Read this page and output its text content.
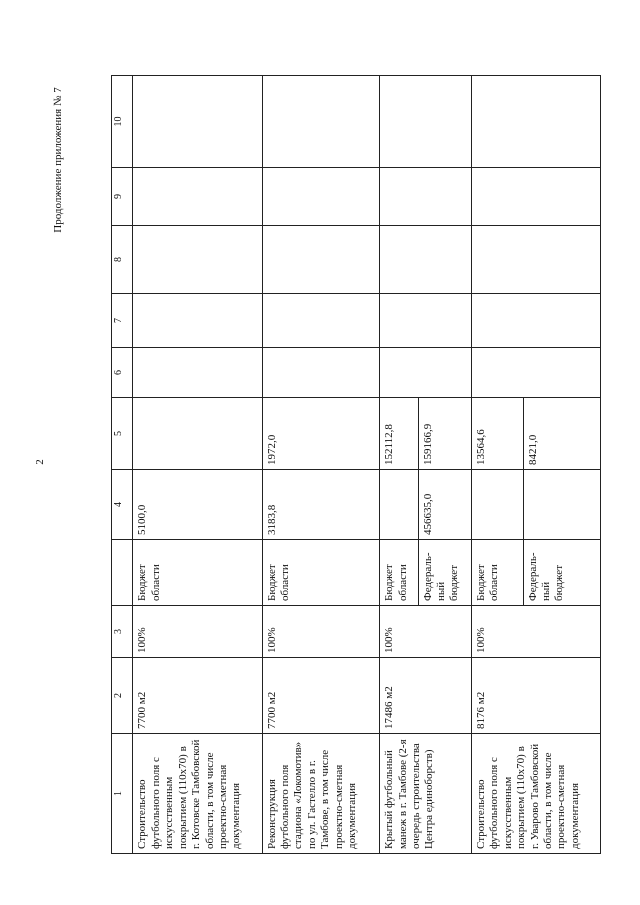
2
Продолжение приложения № 7
1	2	3		4	5	6	7	8	9	10
Строительство футбольного поля с искусственным покрытием (110х70) в г. Котовске Тамбовской области, в том числе проектно-сметная документация	7700 м2	100%	Бюджет области	5100,0						
Реконструкция футбольного поля стадиона «Локомотив» по ул. Гастелло в г. Тамбове, в том числе проектно-сметная документация	7700 м2	100%	Бюджет области	3183,8	1972,0					
Крытый футбольный манеж в г. Тамбове (2-я очередь строительства Центра единоборств)	17486 м2	100%	Бюджет области		152112,8					
			Федераль-ный бюджет	456635,0	159166,9					
Строительство футбольного поля с искусственным покрытием (110х70) в г. Уварово Тамбовской области, в том числе проектно-сметная документация	8176 м2	100%	Бюджет области		13564,6					
			Федераль-ный бюджет		8421,0					
